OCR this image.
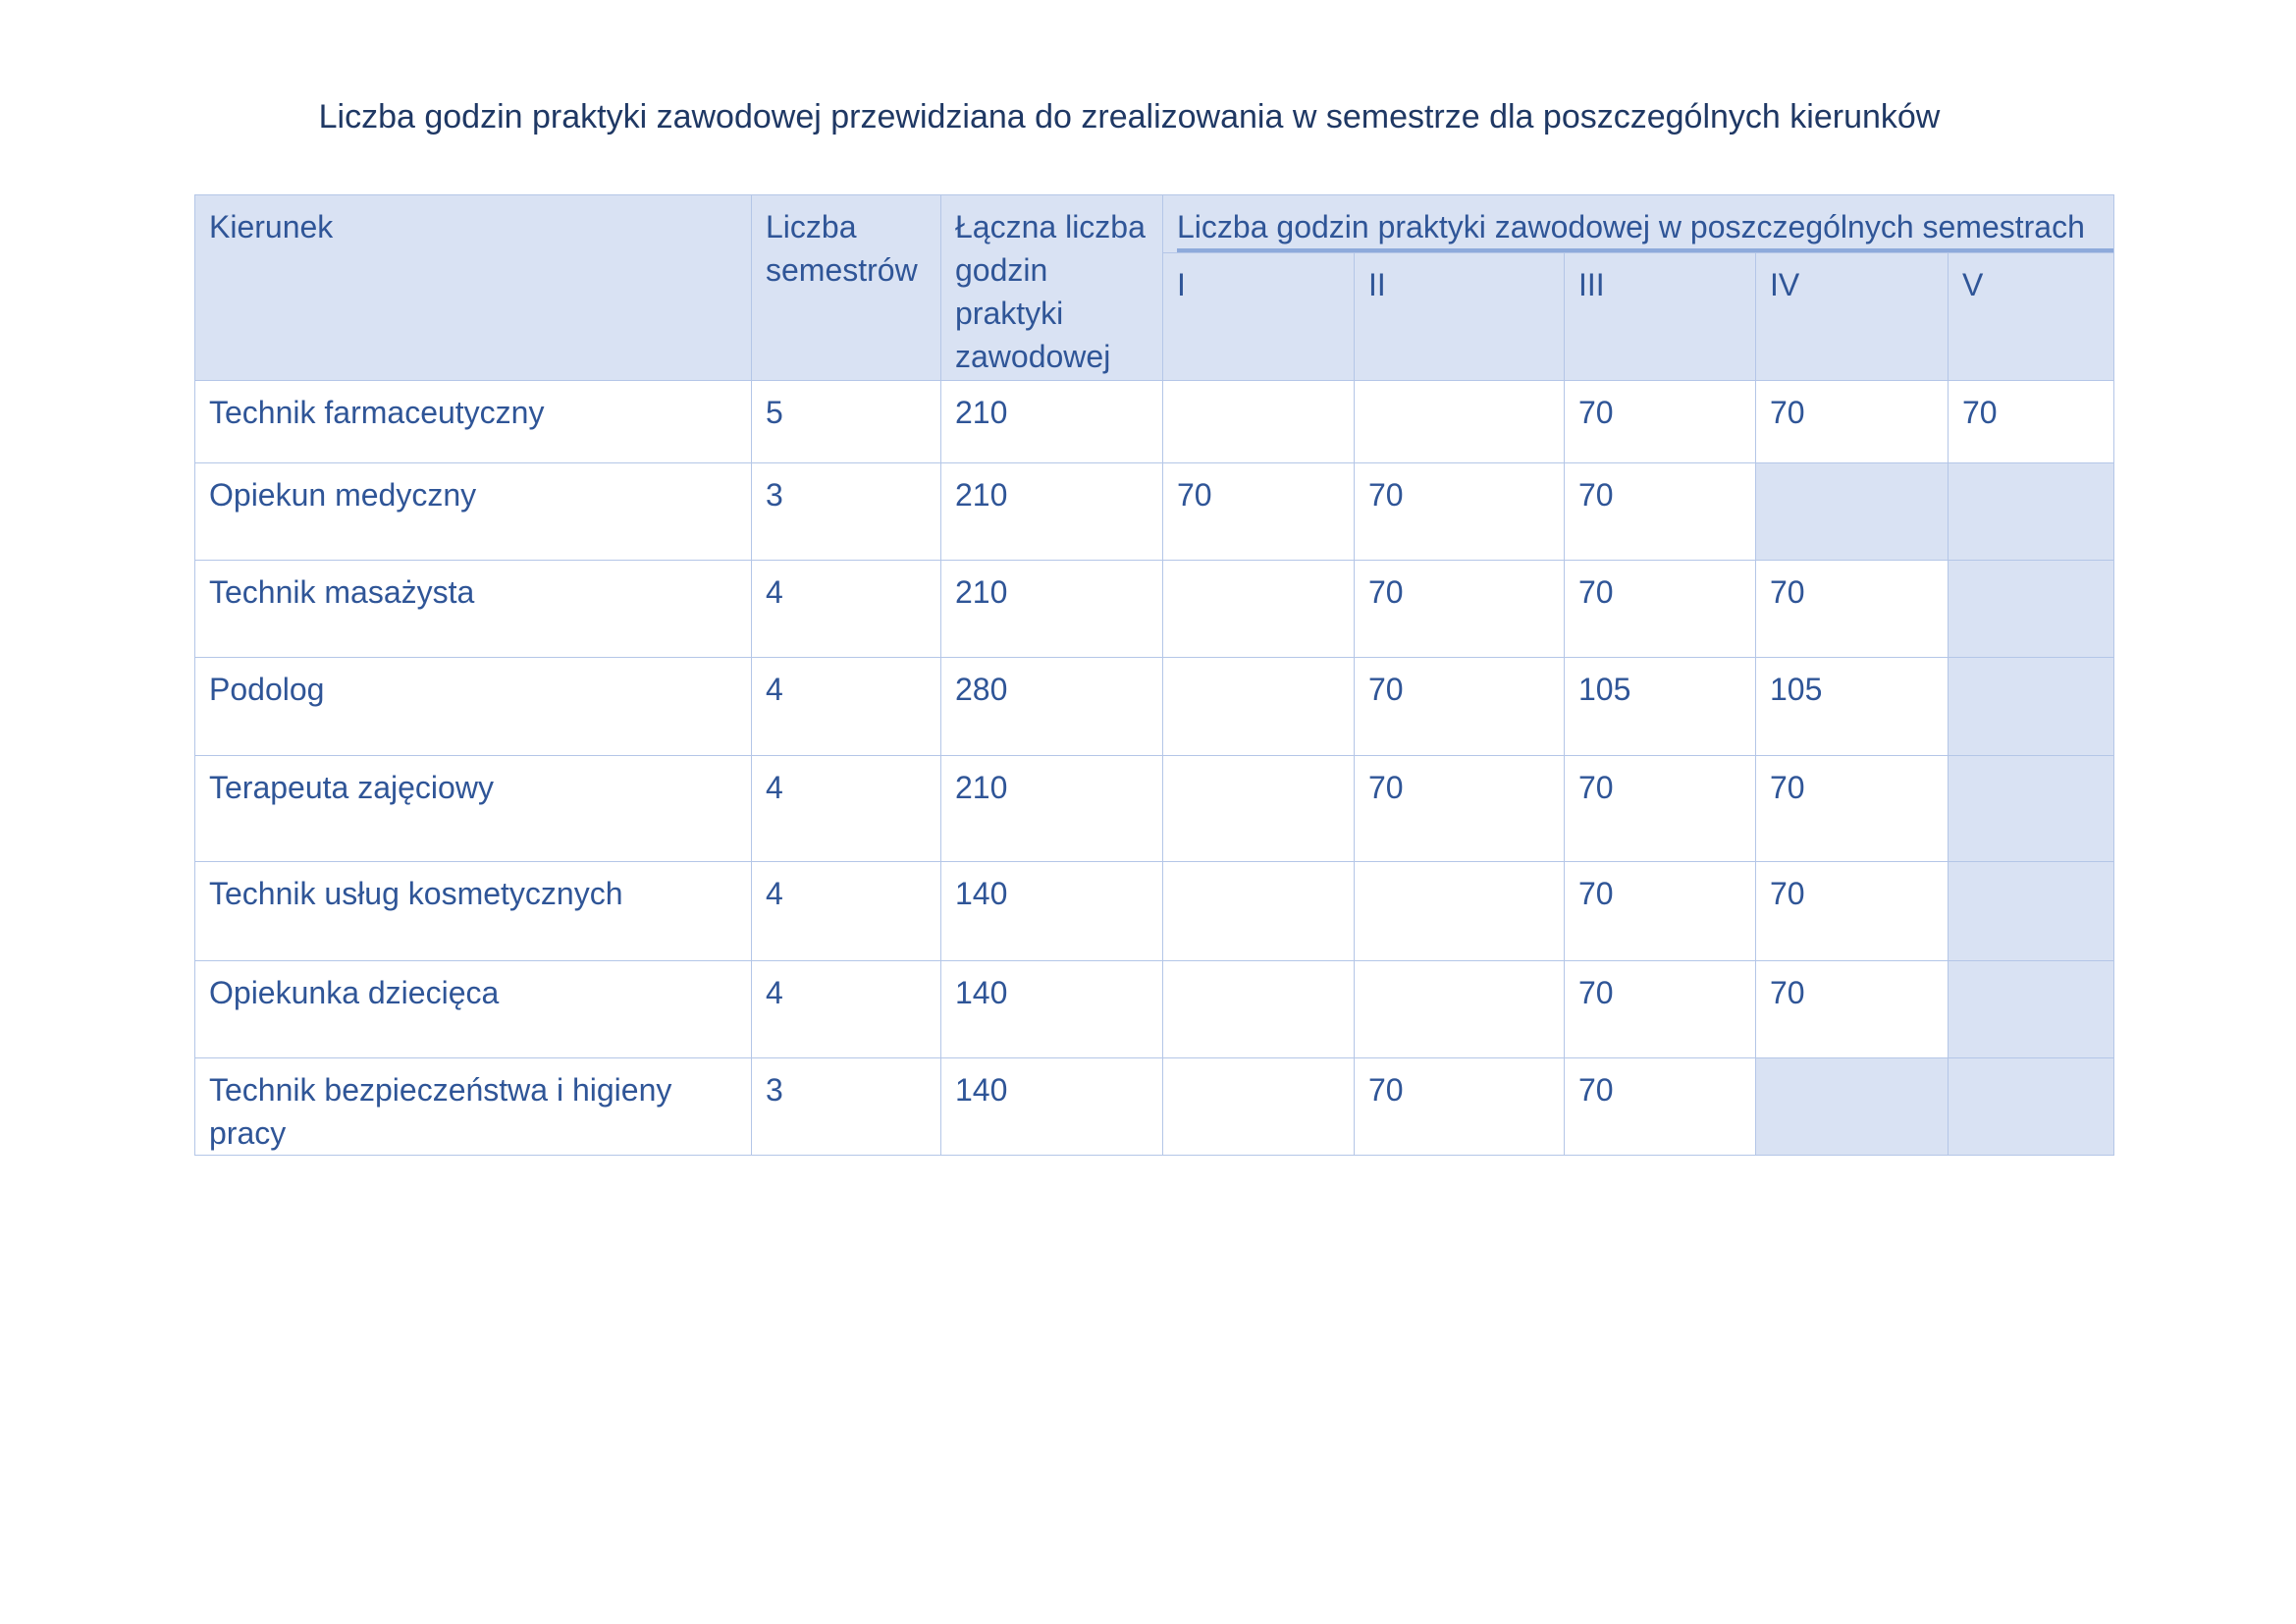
Liczba godzin praktyki zawodowej przewidziana do zrealizowania w semestrze dla poszczególnych kierunków
Kierunek	Liczba semestrów	Łączna liczba godzin praktyki zawodowej	Liczba godzin praktyki zawodowej w poszczególnych semestrach				

			I	II	III	IV	V
Technik farmaceutyczny	5	210			70	70	70
Opiekun medyczny	3	210	70	70	70		
Technik masażysta	4	210		70	70	70	
Podolog	4	280		70	105	105	
Terapeuta zajęciowy	4	210		70	70	70	
Technik usług kosmetycznych	4	140			70	70	
Opiekunka dziecięca	4	140			70	70	
Technik bezpieczeństwa i higieny pracy	3	140		70	70		
